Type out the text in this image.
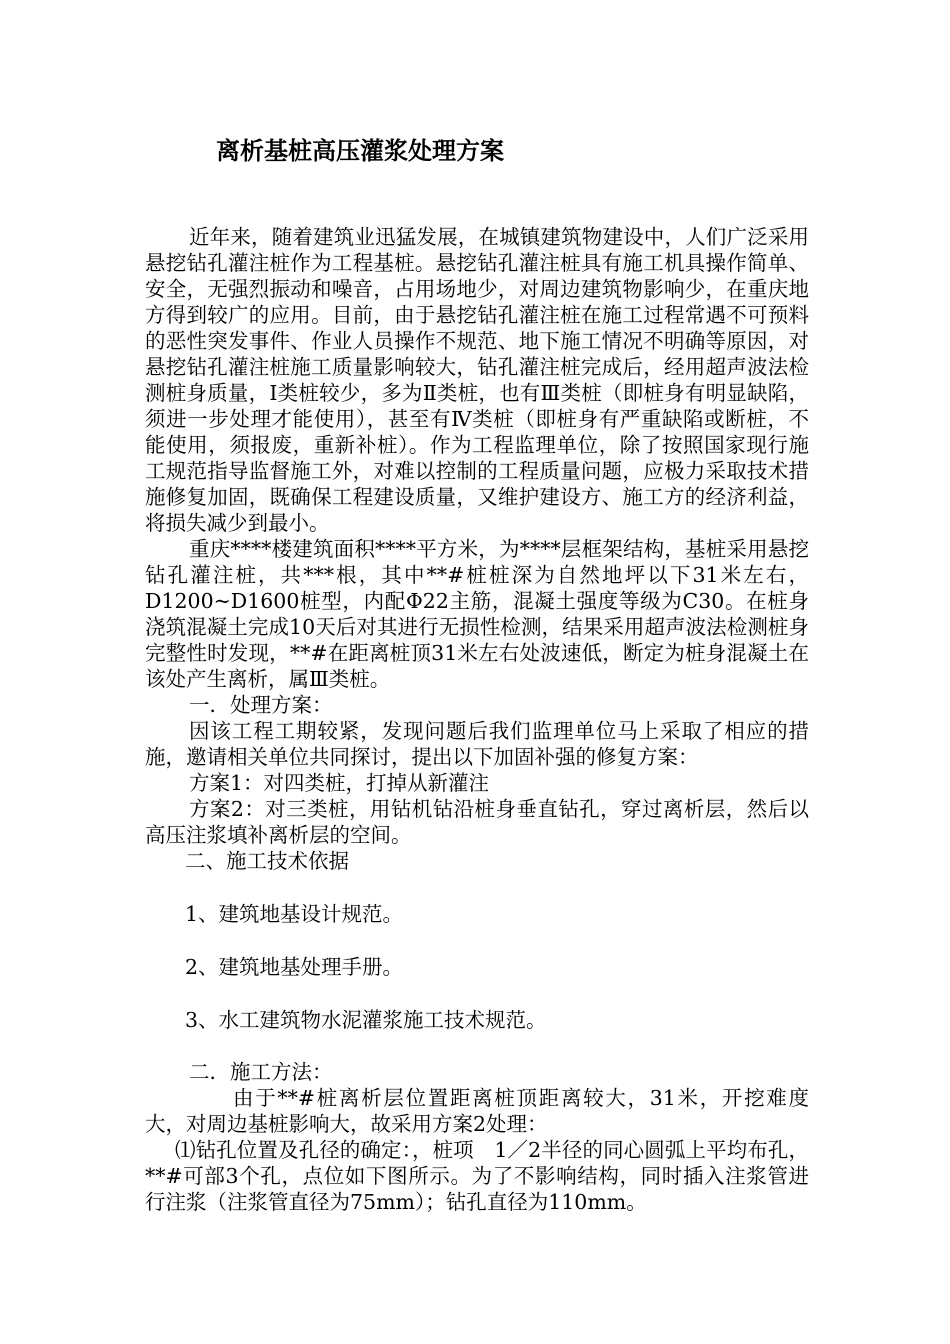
离析基桩高压灌浆处理方案

近年来，随着建筑业迅猛发展，在城镇建筑物建设中，人们广泛采用悬挖钻孔灌注桩作为工程基桩。悬挖钻孔灌注桩具有施工机具操作简单、安全，无强烈振动和噪音，占用场地少，对周边建筑物影响少，在重庆地方得到较广的应用。目前，由于悬挖钻孔灌注桩在施工过程常遇不可预料的恶性突发事件、作业人员操作不规范、地下施工情况不明确等原因，对悬挖钻孔灌注桩施工质量影响较大，钻孔灌注桩完成后，经用超声波法检测桩身质量，Ⅰ类桩较少，多为Ⅱ类桩，也有Ⅲ类桩（即桩身有明显缺陷，须进一步处理才能使用），甚至有Ⅳ类桩（即桩身有严重缺陷或断桩，不能使用，须报废，重新补桩）。作为工程监理单位，除了按照国家现行施工规范指导监督施工外，对难以控制的工程质量问题，应极力采取技术措施修复加固，既确保工程建设质量，又维护建设方、施工方的经济利益，将损失减少到最小。

重庆****楼建筑面积****平方米，为****层框架结构，基桩采用悬挖钻孔灌注桩，共***根，其中**#桩桩深为自然地坪以下31米左右，D1200~D1600桩型，内配Φ22主筋，混凝土强度等级为C30。在桩身浇筑混凝土完成10天后对其进行无损性检测，结果采用超声波法检测桩身完整性时发现，**#在距离桩顶31米左右处波速低，断定为桩身混凝土在该处产生离析，属Ⅲ类桩。

一．处理方案：

因该工程工期较紧，发现问题后我们监理单位马上采取了相应的措施，邀请相关单位共同探讨，提出以下加固补强的修复方案：

方案1：对四类桩，打掉从新灌注

方案2：对三类桩，用钻机钻沿桩身垂直钻孔，穿过离析层，然后以高压注浆填补离析层的空间。

二、施工技术依据

1、建筑地基设计规范。

2、建筑地基处理手册。

3、水工建筑物水泥灌浆施工技术规范。

二．施工方法：

由于**#桩离析层位置距离桩顶距离较大，31米，开挖难度大，对周边基桩影响大，故采用方案2处理：

⑴钻孔位置及孔径的确定：，桩项　1／2半径的同心圆弧上平均布孔，**#可部3个孔，点位如下图所示。为了不影响结构，同时插入注浆管进行注浆（注浆管直径为75mm）；钻孔直径为110mm。
